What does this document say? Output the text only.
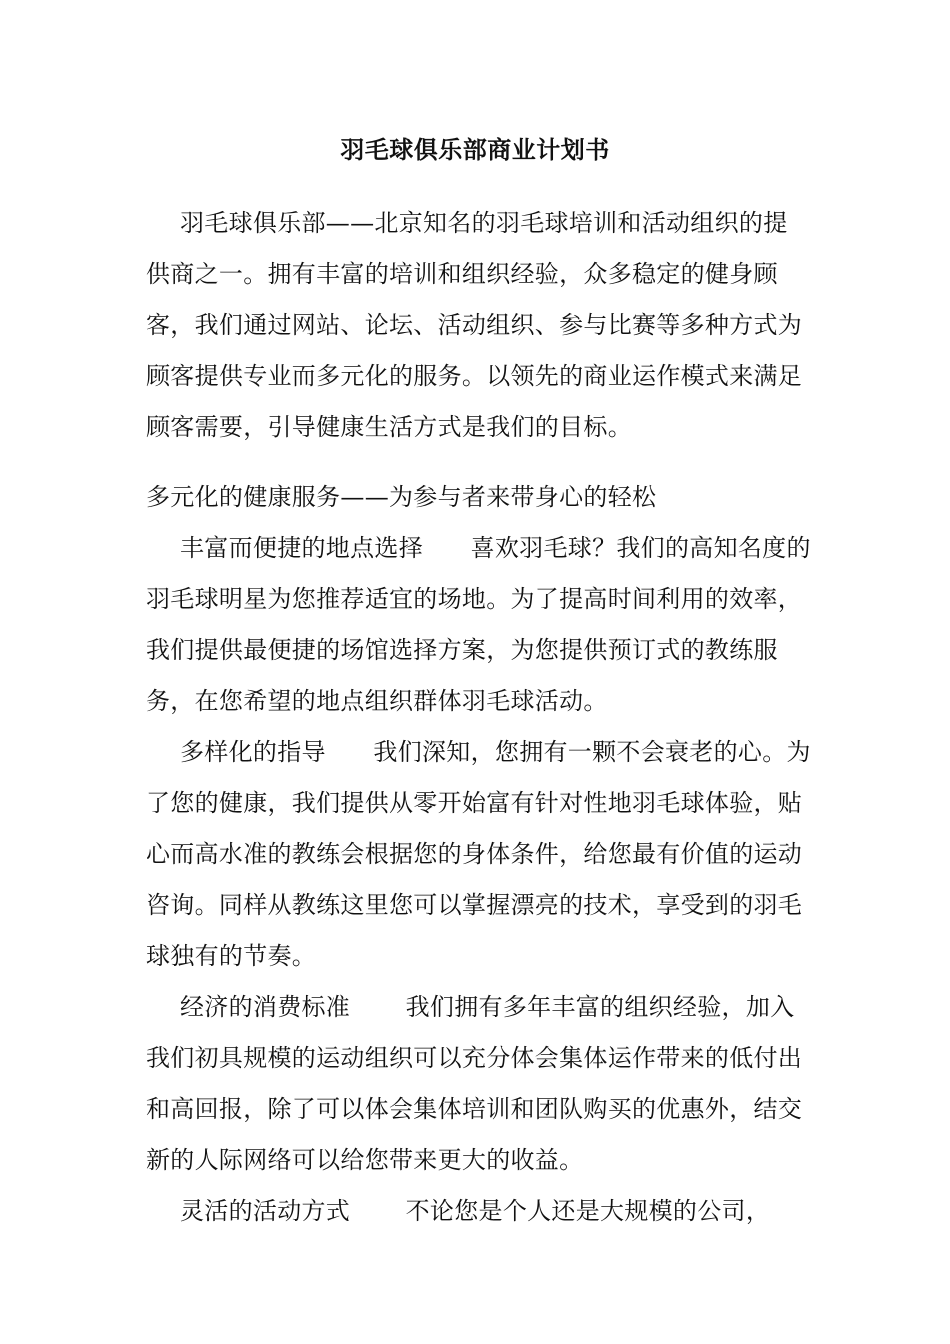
羽毛球俱乐部商业计划书

羽毛球俱乐部——北京知名的羽毛球培训和活动组织的提供商之一。拥有丰富的培训和组织经验，众多稳定的健身顾客，我们通过网站、论坛、活动组织、参与比赛等多种方式为顾客提供专业而多元化的服务。以领先的商业运作模式来满足顾客需要，引导健康生活方式是我们的目标。

多元化的健康服务——为参与者来带身心的轻松

丰富而便捷的地点选择 喜欢羽毛球？我们的高知名度的羽毛球明星为您推荐适宜的场地。为了提高时间利用的效率，我们提供最便捷的场馆选择方案，为您提供预订式的教练服务，在您希望的地点组织群体羽毛球活动。

多样化的指导 我们深知，您拥有一颗不会衰老的心。为了您的健康，我们提供从零开始富有针对性地羽毛球体验，贴心而高水准的教练会根据您的身体条件，给您最有价值的运动咨询。同样从教练这里您可以掌握漂亮的技术，享受到的羽毛球独有的节奏。

经济的消费标准 我们拥有多年丰富的组织经验，加入我们初具规模的运动组织可以充分体会集体运作带来的低付出和高回报，除了可以体会集体培训和团队购买的优惠外，结交新的人际网络可以给您带来更大的收益。

灵活的活动方式 不论您是个人还是大规模的公司，
